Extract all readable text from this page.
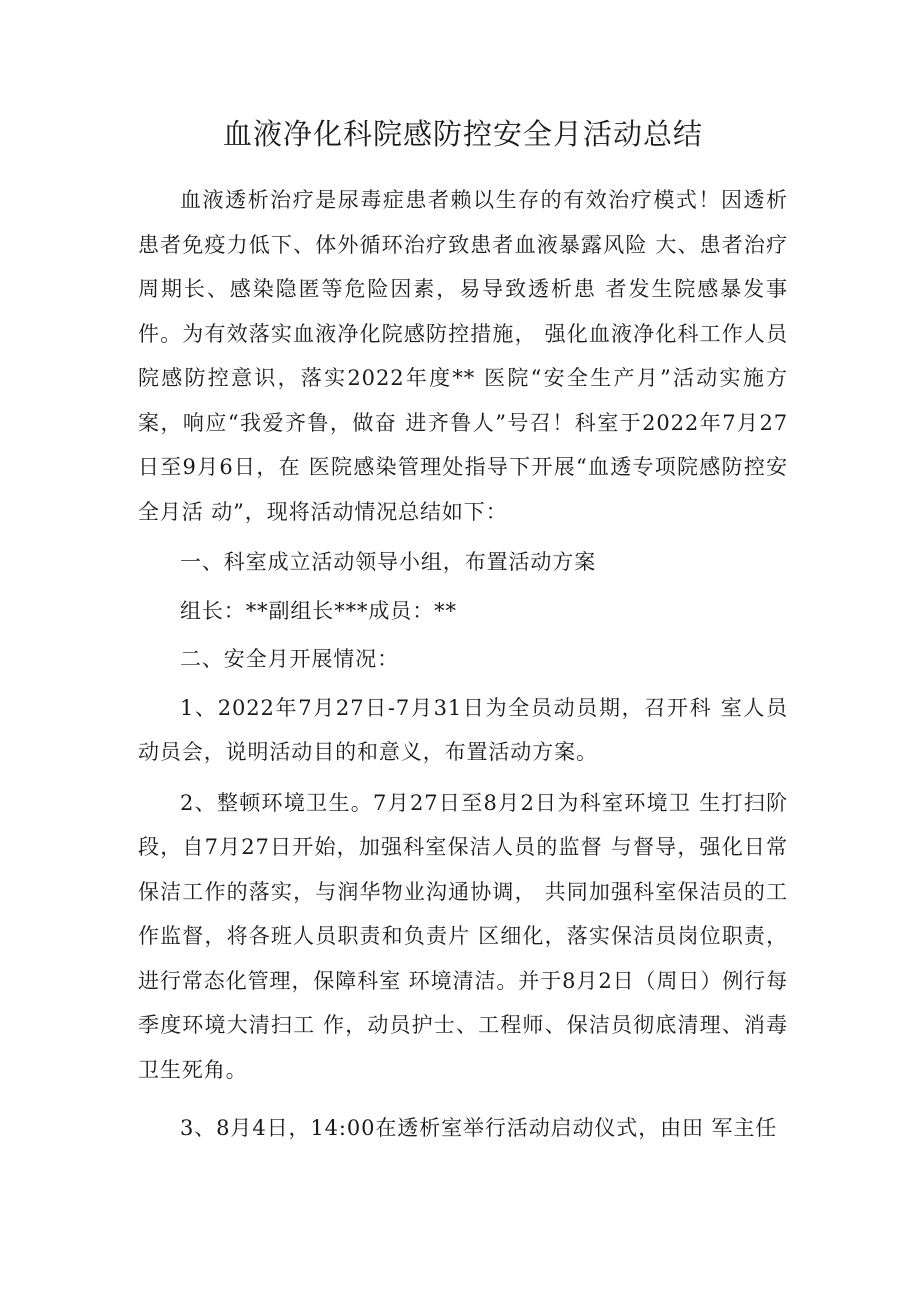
血液净化科院感防控安全月活动总结

血液透析治疗是尿毒症患者赖以生存的有效治疗模式！因透析患者免疫力低下、体外循环治疗致患者血液暴露风险 大、患者治疗周期长、感染隐匿等危险因素，易导致透析患 者发生院感暴发事件。为有效落实血液净化院感防控措施， 强化血液净化科工作人员院感防控意识，落实2022年度** 医院“安全生产月”活动实施方案，响应“我爱齐鲁，做奋 进齐鲁人”号召！科室于2022年7月27日至9月6日，在 医院感染管理处指导下开展“血透专项院感防控安全月活 动”，现将活动情况总结如下：

一、科室成立活动领导小组，布置活动方案
组长：**副组长***成员：**
二、安全月开展情况：

1、2022年7月27日-7月31日为全员动员期，召开科 室人员动员会，说明活动目的和意义，布置活动方案。

2、整顿环境卫生。7月27日至8月2日为科室环境卫 生打扫阶段，自7月27日开始，加强科室保洁人员的监督 与督导，强化日常保洁工作的落实，与润华物业沟通协调， 共同加强科室保洁员的工作监督，将各班人员职责和负责片 区细化，落实保洁员岗位职责，进行常态化管理，保障科室 环境清洁。并于8月2日（周日）例行每季度环境大清扫工 作，动员护士、工程师、保洁员彻底清理、消毒卫生死角。

3、8月4日，14:00在透析室举行活动启动仪式，由田 军主任
